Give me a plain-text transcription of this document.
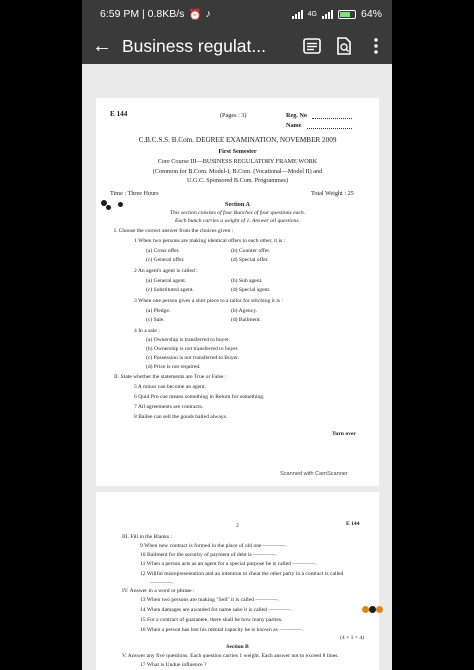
6:59 PM | 0.8KB/s ⏰ ♪	4G	64%
← Business regulat...
E 144	(Pages : 3)	Reg. No
Name
C.B.C.S.S. B.Com. DEGREE EXAMINATION, NOVEMBER 2009
First Semester
Core Course III—BUSINESS REGULATORY FRAME WORK
(Common for B.Com. Model-I, B.Com. (Vocational—Model II) and
U.G.C. Sponsored B.Com. Programmes)
Time : Three Hours	Total Weight : 25
Section A
This section consists of four Bunches of four questions each.
Each bunch carries a weight of 1. Answer all questions.
I. Choose the correct answer from the choices given :
1 When two persons are making identical offers to each other, it is :
(a) Cross offer.	(b) Counter offer.
(c) General offer.	(d) Special offer.
2 An agent's agent is called :
(a) General agent.	(b) Sub agent.
(c) Substituted agent.	(d) Special agent.
3 When one person gives a shirt piece to a tailor for stitching it is :
(a) Pledge.	(b) Agency.
(c) Sale.	(d) Bailment.
4 In a sale :
(a) Ownership is transferred to buyer.
(b) Ownership is not transferred to buyer.
(c) Possession is not transferred to Buyer.
(d) Price is not required.
II. State whether the statements are True or False :
5 A minor can become an agent.
6 Quid Pro cue means something in Return for something.
7 All agreements are contracts.
8 Bailee can sell the goods bailed always.
Turn over
Scanned with CamScanner
2	E 144
III. Fill in the Blanks :
9 When new contract is formed in the place of old one ————.
10 Bailment for the security of payment of debt is ————.
11 When a person acts as an agent for a special purpose he is called ————.
12 Willful misrepresentation and an intention to cheat the other party in a contract is called
————.
IV. Answer in a word or phrase :
13 When two persons are making "Sell" it is called ————.
14 When damages are awarded for name sake it is called ————.
15 For a contract of guarantee, there shall be how many parties.
16 When a person has lost his mental capacity he is known as ————.
(4 × 1 = 4)
Section B
V. Answer any five questions. Each question carries 1 weight. Each answer not to exceed 8 lines.
17 What is Undue influence ?
